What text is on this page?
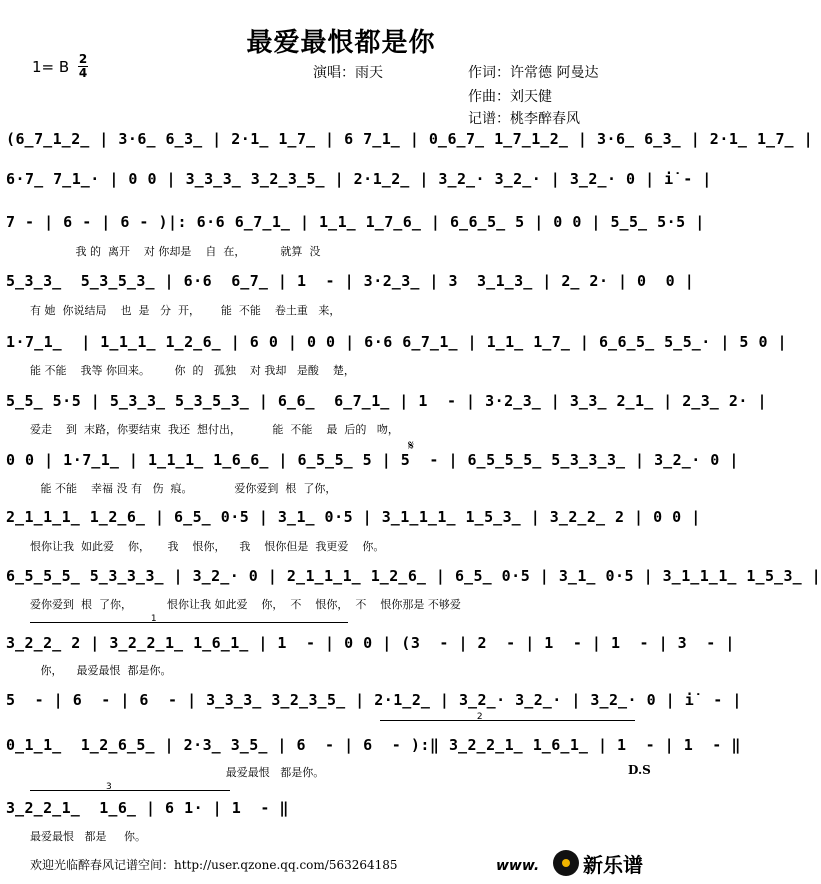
最爱最恨都是你
1= B 2
4	演唱：雨天	作词：许常德 阿曼达
作曲：刘天健
记谱：桃李醉春风
(6̲7̲1̲2̲ | 3·6̲ 6̲3̲ | 2·1̲ 1̲7̲ | 6 7̲1̲ | 0̲6̲7̲ 1̲7̲1̲2̲ | 3·6̲ 6̲3̲ | 2·1̲ 1̲7̲ |
6·7̲ 7̲1̲· | 0 0 | 3̲3̲3̲ 3̲2̲3̲5̲ | 2·1̲2̲ | 3̲2̲· 3̲2̲· | 3̲2̲· 0 | i̇ - |
7 - | 6 - | 6 - )|: 6·6 6̲7̲1̲ | 1̲1̲ 1̲7̲6̲ | 6̲6̲5̲ 5 | 0 0 | 5̲5̲ 5·5 |
我 的  离开    对 你却是    自  在，          就算  没
5̲3̲3̲  5̲3̲5̲3̲ | 6·6  6̲7̲ | 1  - | 3·2̲3̲ | 3  3̲1̲3̲ | 2̲ 2· | 0  0 |
有 她  你说结局    也  是   分  开，      能  不能    卷土重   来，
1·7̲1̲  | 1̲1̲1̲ 1̲2̲6̲ | 6 0 | 0 0 | 6·6 6̲7̲1̲ | 1̲1̲ 1̲7̲ | 6̲6̲5̲ 5̲5̲· | 5 0 |
能 不能    我等 你回来。       你  的   孤独    对 我却   是酸    楚，
5̲5̲ 5·5 | 5̲3̲3̲ 5̲3̲5̲3̲ | 6̲6̲  6̲7̲1̲ | 1  - | 3·2̲3̲ | 3̲3̲ 2̲1̲ | 2̲3̲ 2· |
爱走    到  末路，你要结束  我还  想付出，         能  不能    最  后的   吻，
0 0 | 1·7̲1̲ | 1̲1̲1̲ 1̲6̲6̲ | 6̲5̲5̲ 5 | 5  - | 6̲5̲5̲5̲ 5̲3̲3̲3̲ | 3̲2̲· 0 |
能 不能    幸福 没 有   伤  痕。            爱你爱到  根  了你，
2̲1̲1̲1̲ 1̲2̲6̲ | 6̲5̲ 0·5 | 3̲1̲ 0·5 | 3̲1̲1̲1̲ 1̲5̲3̲ | 3̲2̲2̲ 2 | 0 0 |
恨你让我  如此爱    你，     我    恨你，    我    恨你但是  我更爱    你。
6̲5̲5̲5̲ 5̲3̲3̲3̲ | 3̲2̲· 0 | 2̲1̲1̲1̲ 1̲2̲6̲ | 6̲5̲ 0·5 | 3̲1̲ 0·5 | 3̲1̲1̲1̲ 1̲5̲3̲ |
爱你爱到  根  了你，          恨你让我 如此爱    你，  不    恨你，  不    恨你那是 不够爱
3̲2̲2̲ 2 | 3̲2̲2̲1̲ 1̲6̲1̲ | 1  - | 0 0 | (3  - | 2  - | 1  - | 1  - | 3  - |
你，    最爱最恨  都是你。
5  - | 6  - | 6  - | 3̲3̲3̲ 3̲2̲3̲5̲ | 2·1̲2̲ | 3̲2̲· 3̲2̲· | 3̲2̲· 0 | i̇  - |
0̲1̲1̲  1̲2̲6̲5̲ | 2·3̲ 3̲5̲ | 6  - | 6  - ):‖ 3̲2̲2̲1̲ 1̲6̲1̲ | 1  - | 1  - ‖
最爱最恨   都是你。
3̲2̲2̲1̲  1̲6̲ | 6 1· | 1  - ‖
最爱最恨   都是     你。
1
2
3
𝄋
D.S
欢迎光临醉春风记谱空间：http://user.qzone.qq.com/563264185	www. 新乐谱
